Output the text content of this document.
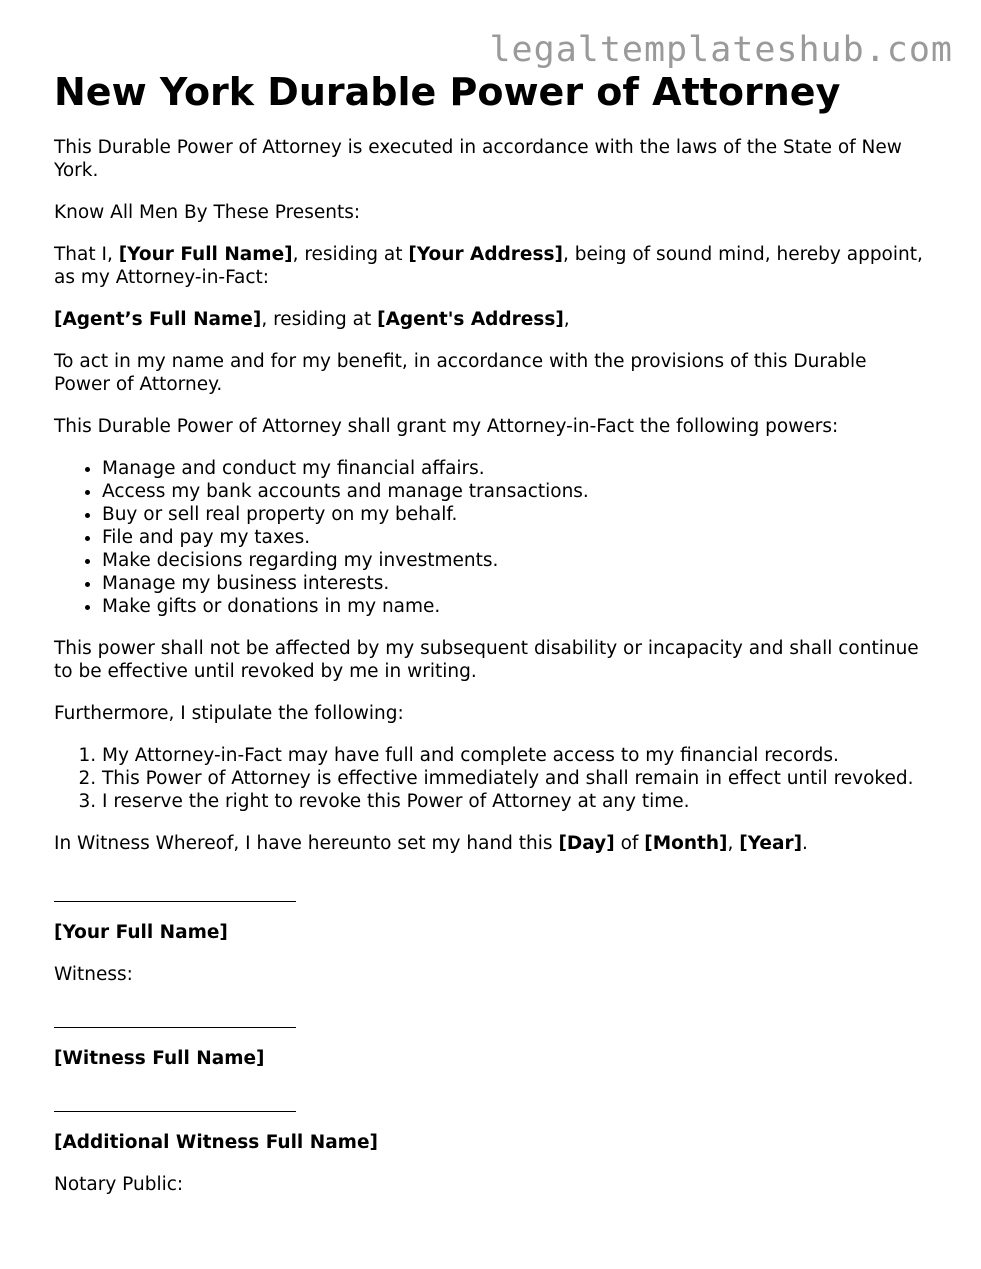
legaltemplateshub.com
New York Durable Power of Attorney

This Durable Power of Attorney is executed in accordance with the laws of the State of New York.

Know All Men By These Presents:

That I, [Your Full Name], residing at [Your Address], being of sound mind, hereby appoint, as my Attorney-in-Fact:

[Agent’s Full Name], residing at [Agent's Address],

To act in my name and for my benefit, in accordance with the provisions of this Durable Power of Attorney.

This Durable Power of Attorney shall grant my Attorney-in-Fact the following powers:

• Manage and conduct my financial affairs.
• Access my bank accounts and manage transactions.
• Buy or sell real property on my behalf.
• File and pay my taxes.
• Make decisions regarding my investments.
• Manage my business interests.
• Make gifts or donations in my name.

This power shall not be affected by my subsequent disability or incapacity and shall continue to be effective until revoked by me in writing.

Furthermore, I stipulate the following:

1. My Attorney-in-Fact may have full and complete access to my financial records.
2. This Power of Attorney is effective immediately and shall remain in effect until revoked.
3. I reserve the right to revoke this Power of Attorney at any time.

In Witness Whereof, I have hereunto set my hand this [Day] of [Month], [Year].

[Your Full Name]

Witness:

[Witness Full Name]

[Additional Witness Full Name]

Notary Public:
